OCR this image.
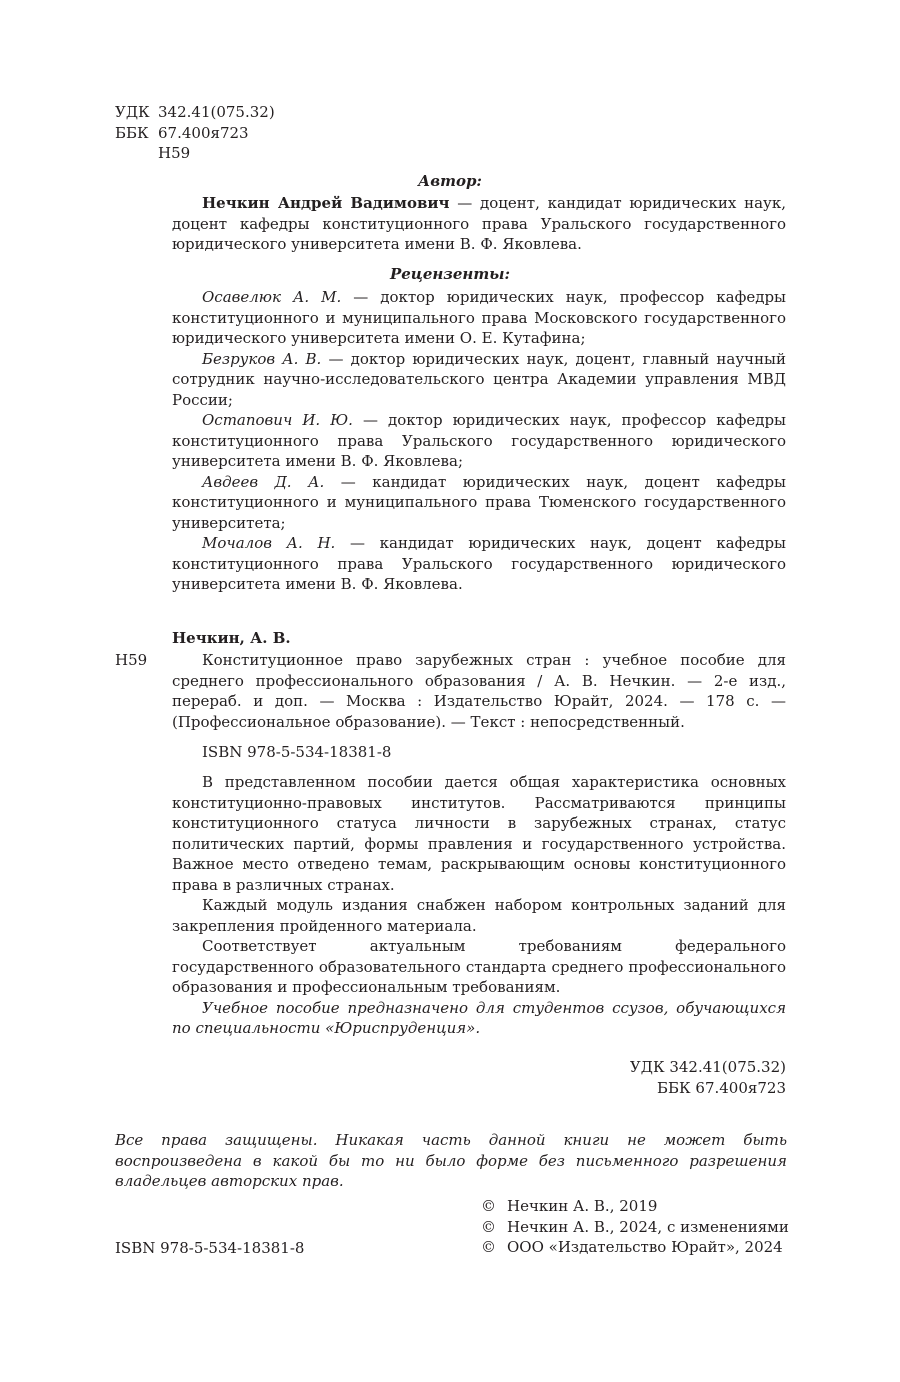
УДК 342.41(075.32)
ББК 67.400я723
Н59
Автор:
Нечкин Андрей Вадимович — доцент, кандидат юридических наук, доцент кафедры конституционного права Уральского государственного юридического университета имени В. Ф. Яковлева.
Рецензенты:

Осавелюк А. М. — доктор юридических наук, профессор кафедры конституционного и муниципального права Московского государственного юридического университета имени О. Е. Кутафина;

Безруков А. В. — доктор юридических наук, доцент, главный научный сотрудник научно-исследовательского центра Академии управления МВД России;

Остапович И. Ю. — доктор юридических наук, профессор кафедры конституционного права Уральского государственного юридического университета имени В. Ф. Яковлева;

Авдеев Д. А. — кандидат юридических наук, доцент кафедры конституционного и муниципального права Тюменского государственного университета;

Мочалов А. Н. — кандидат юридических наук, доцент кафедры конституционного права Уральского государственного юридического университета имени В. Ф. Яковлева.

Нечкин, А. В.
Н59	Конституционное право зарубежных стран : учебное пособие для среднего профессионального образования / А. В. Нечкин. — 2-е изд., перераб. и доп. — Москва : Издательство Юрайт, 2024. — 178 с. — (Профессиональное образование). — Текст : непосредственный.
ISBN 978-5-534-18381-8

В представленном пособии дается общая характеристика основных конституционно-правовых институтов. Рассматриваются принципы конституционного статуса личности в зарубежных странах, статус политических партий, формы правления и государственного устройства. Важное место отведено темам, раскрывающим основы конституционного права в различных странах.

Каждый модуль издания снабжен набором контрольных заданий для закрепления пройденного материала.

Соответствует актуальным требованиям федерального государственного образовательного стандарта среднего профессионального образования и профессиональным требованиям.

Учебное пособие предназначено для студентов ссузов, обучающихся по специальности «Юриспруденция».

УДК 342.41(075.32)
ББК 67.400я723
Все права защищены. Никакая часть данной книги не может быть воспроизведена в какой бы то ни было форме без письменного разрешения владельцев авторских прав.
© Нечкин А. В., 2019
© Нечкин А. В., 2024, с изменениями
© ООО «Издательство Юрайт», 2024
ISBN 978-5-534-18381-8
